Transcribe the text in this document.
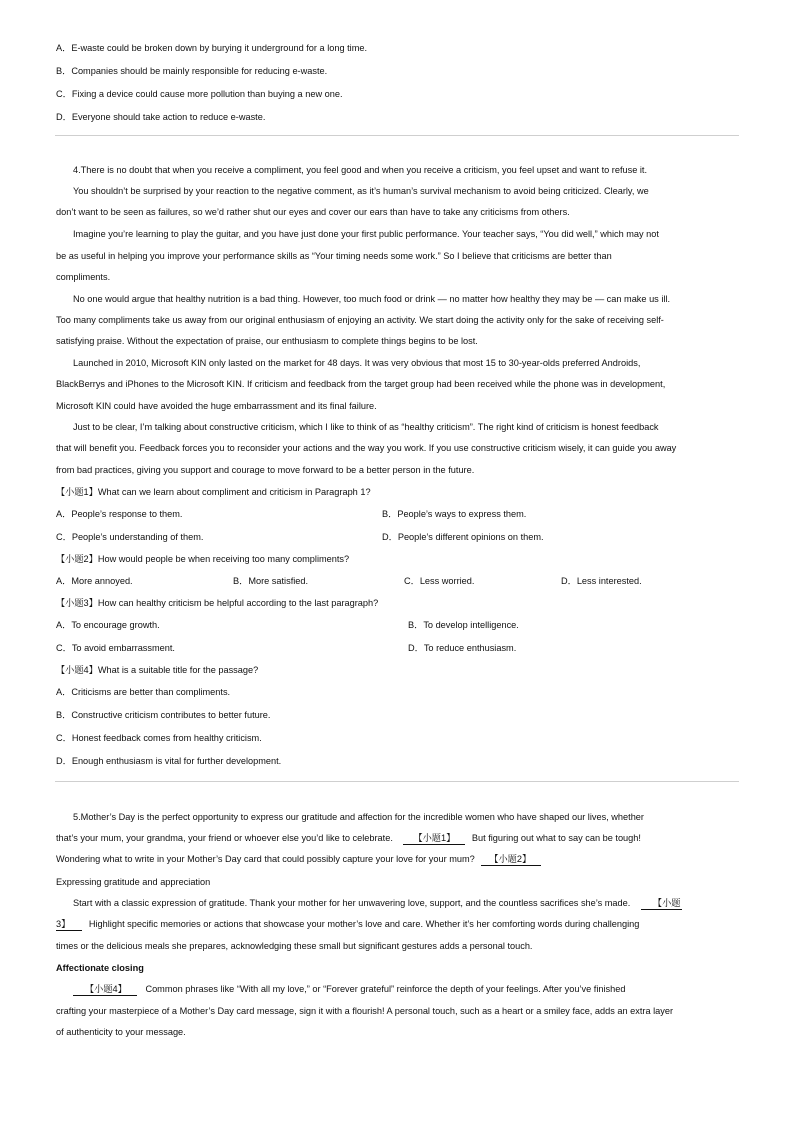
A．E-waste could be broken down by burying it underground for a long time.
B．Companies should be mainly responsible for reducing e-waste.
C．Fixing a device could cause more pollution than buying a new one.
D．Everyone should take action to reduce e-waste.
4.There is no doubt that when you receive a compliment, you feel good and when you receive a criticism, you feel upset and want to refuse it.
You shouldn’t be surprised by your reaction to the negative comment, as it’s human’s survival mechanism to avoid being criticized. Clearly, we
don’t want to be seen as failures, so we’d rather shut our eyes and cover our ears than have to take any criticisms from others.
Imagine you’re learning to play the guitar, and you have just done your first public performance. Your teacher says, “You did well,” which may not
be as useful in helping you improve your performance skills as “Your timing needs some work.” So I believe that criticisms are better than
compliments.
No one would argue that healthy nutrition is a bad thing. However, too much food or drink — no matter how healthy they may be — can make us ill.
Too many compliments take us away from our original enthusiasm of enjoying an activity. We start doing the activity only for the sake of receiving self-
satisfying praise. Without the expectation of praise, our enthusiasm to complete things begins to be lost.
Launched in 2010, Microsoft KIN only lasted on the market for 48 days. It was very obvious that most 15 to 30-year-olds preferred Androids,
BlackBerrys and iPhones to the Microsoft KIN. If criticism and feedback from the target group had been received while the phone was in development,
Microsoft KIN could have avoided the huge embarrassment and its final failure.
Just to be clear, I’m talking about constructive criticism, which I like to think of as “healthy criticism”. The right kind of criticism is honest feedback
that will benefit you. Feedback forces you to reconsider your actions and the way you work. If you use constructive criticism wisely, it can guide you away
from bad practices, giving you support and courage to move forward to be a better person in the future.
【小题1】What can we learn about compliment and criticism in Paragraph 1?
A．People’s response to them.	B．People’s ways to express them.
C．People’s understanding of them.	D．People’s different opinions on them.
【小题2】How would people be when receiving too many compliments?
A．More annoyed.	B．More satisfied.	C．Less worried.	D．Less interested.
【小题3】How can healthy criticism be helpful according to the last paragraph?
A．To encourage growth.	B．To develop intelligence.
C．To avoid embarrassment.	D．To reduce enthusiasm.
【小题4】What is a suitable title for the passage?
A．Criticisms are better than compliments.
B．Constructive criticism contributes to better future.
C．Honest feedback comes from healthy criticism.
D．Enough enthusiasm is vital for further development.
5.Mother’s Day is the perfect opportunity to express our gratitude and affection for the incredible women who have shaped our lives, whether
that’s your mum, your grandma, your friend or whoever else you’d like to celebrate. 【小题1】 But figuring out what to say can be tough!
Wondering what to write in your Mother’s Day card that could possibly capture your love for your mum? 【小题2】
Expressing gratitude and appreciation
Start with a classic expression of gratitude. Thank your mother for her unwavering love, support, and the countless sacrifices she’s made. 【小题
3】 Highlight specific memories or actions that showcase your mother’s love and care. Whether it’s her comforting words during challenging
times or the delicious meals she prepares, acknowledging these small but significant gestures adds a personal touch.
Affectionate closing
【小题4】 Common phrases like “With all my love,” or “Forever grateful” reinforce the depth of your feelings. After you’ve finished
crafting your masterpiece of a Mother’s Day card message, sign it with a flourish! A personal touch, such as a heart or a smiley face, adds an extra layer
of authenticity to your message.
